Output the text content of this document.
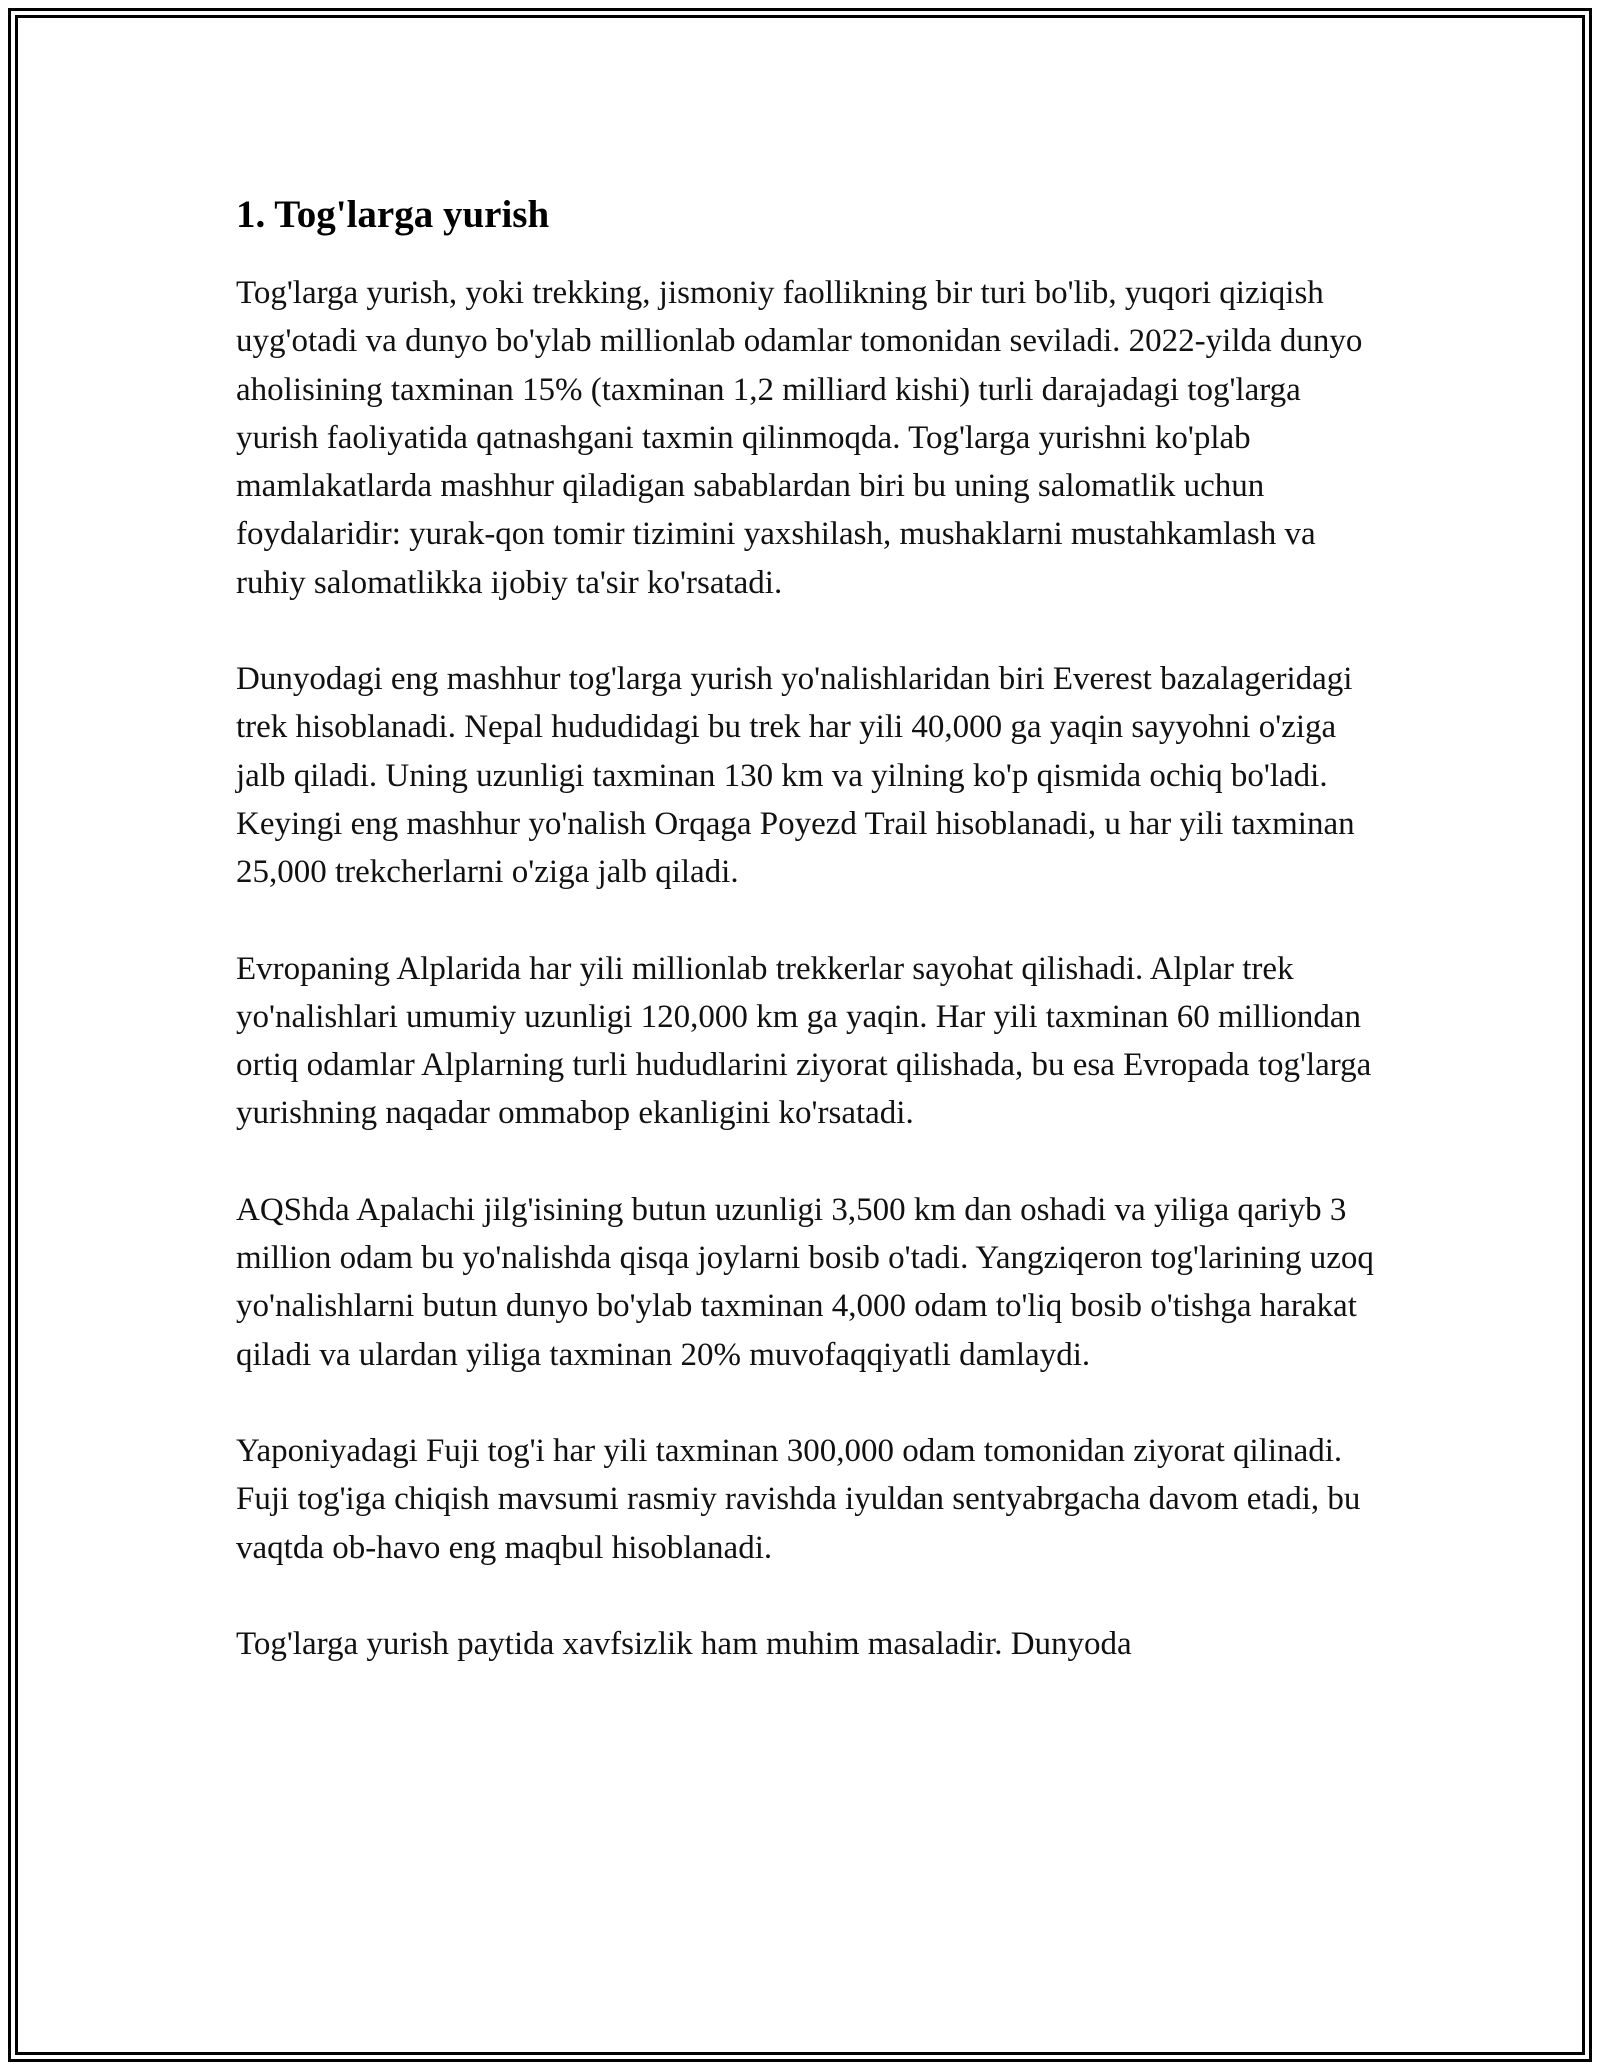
1. Tog'larga yurish

Tog'larga yurish, yoki trekking, jismoniy faollikning bir turi bo'lib, yuqori qiziqish uyg'otadi va dunyo bo'ylab millionlab odamlar tomonidan seviladi. 2022-yilda dunyo aholisining taxminan 15% (taxminan 1,2 milliard kishi) turli darajadagi tog'larga yurish faoliyatida qatnashgani taxmin qilinmoqda. Tog'larga yurishni ko'plab mamlakatlarda mashhur qiladigan sabablardan biri bu uning salomatlik uchun foydalaridir: yurak-qon tomir tizimini yaxshilash, mushaklarni mustahkamlash va ruhiy salomatlikka ijobiy ta'sir ko'rsatadi.

Dunyodagi eng mashhur tog'larga yurish yo'nalishlaridan biri Everest bazalageridagi trek hisoblanadi. Nepal hududidagi bu trek har yili 40,000 ga yaqin sayyohni o'ziga jalb qiladi. Uning uzunligi taxminan 130 km va yilning ko'p qismida ochiq bo'ladi. Keyingi eng mashhur yo'nalish Orqaga Poyezd Trail hisoblanadi, u har yili taxminan 25,000 trekcherlarni o'ziga jalb qiladi.

Evropaning Alplarida har yili millionlab trekkerlar sayohat qilishadi. Alplar trek yo'nalishlari umumiy uzunligi 120,000 km ga yaqin. Har yili taxminan 60 milliondan ortiq odamlar Alplarning turli hududlarini ziyorat qilishada, bu esa Evropada tog'larga yurishning naqadar ommabop ekanligini ko'rsatadi.

AQShda Apalachi jilg'isining butun uzunligi 3,500 km dan oshadi va yiliga qariyb 3 million odam bu yo'nalishda qisqa joylarni bosib o'tadi. Yangziqeron tog'larining uzoq yo'nalishlarni butun dunyo bo'ylab taxminan 4,000 odam to'liq bosib o'tishga harakat qiladi va ulardan yiliga taxminan 20% muvofaqqiyatli damlaydi.

Yaponiyadagi Fuji tog'i har yili taxminan 300,000 odam tomonidan ziyorat qilinadi. Fuji tog'iga chiqish mavsumi rasmiy ravishda iyuldan sentyabrgacha davom etadi, bu vaqtda ob-havo eng maqbul hisoblanadi.

Tog'larga yurish paytida xavfsizlik ham muhim masaladir. Dunyoda
